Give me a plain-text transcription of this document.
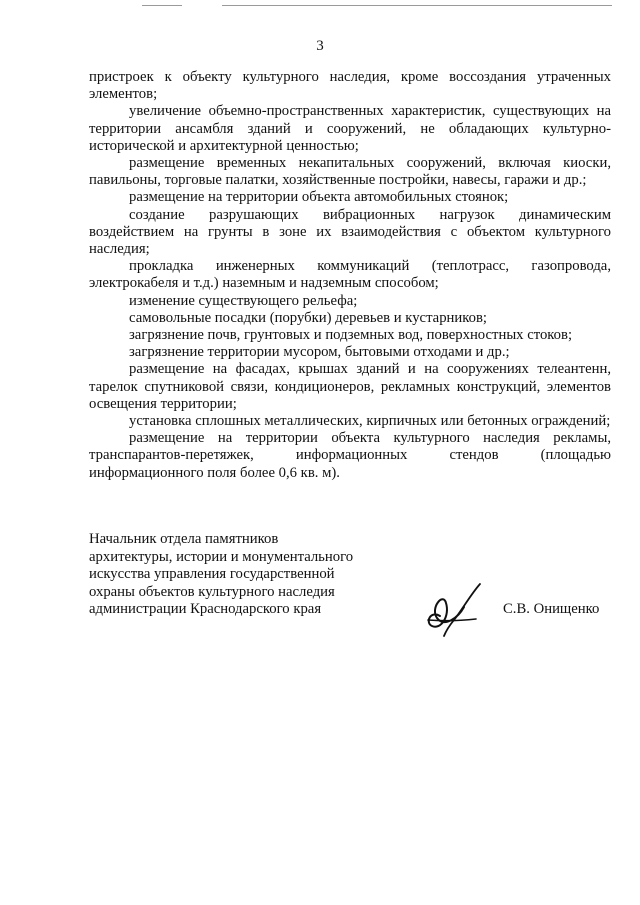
3

пристроек к объекту культурного наследия, кроме воссоздания утраченных элементов;

увеличение объемно-пространственных характеристик, существующих на территории ансамбля зданий и сооружений, не обладающих культурно-исторической и архитектурной ценностью;

размещение временных некапитальных сооружений, включая киоски, павильоны, торговые палатки, хозяйственные постройки, навесы, гаражи и др.;

размещение на территории объекта автомобильных стоянок;

создание разрушающих вибрационных нагрузок динамическим воздействием на грунты в зоне их взаимодействия с объектом культурного наследия;

прокладка инженерных коммуникаций (теплотрасс, газопровода, электрокабеля и т.д.) наземным и надземным способом;

изменение существующего рельефа;

самовольные посадки (порубки) деревьев и кустарников;

загрязнение почв, грунтовых и подземных вод, поверхностных стоков;

загрязнение территории мусором, бытовыми отходами и др.;

размещение на фасадах, крышах зданий и на сооружениях телеантенн, тарелок спутниковой связи, кондиционеров, рекламных конструкций, элементов освещения территории;

установка сплошных металлических, кирпичных или бетонных ограждений;

размещение на территории объекта культурного наследия рекламы, транспарантов-перетяжек, информационных стендов (площадью информационного поля более 0,6 кв. м).

Начальник отдела памятников
архитектуры, истории и монументального
искусства управления государственной
охраны объектов культурного наследия
администрации Краснодарского края	С.В. Онищенко
